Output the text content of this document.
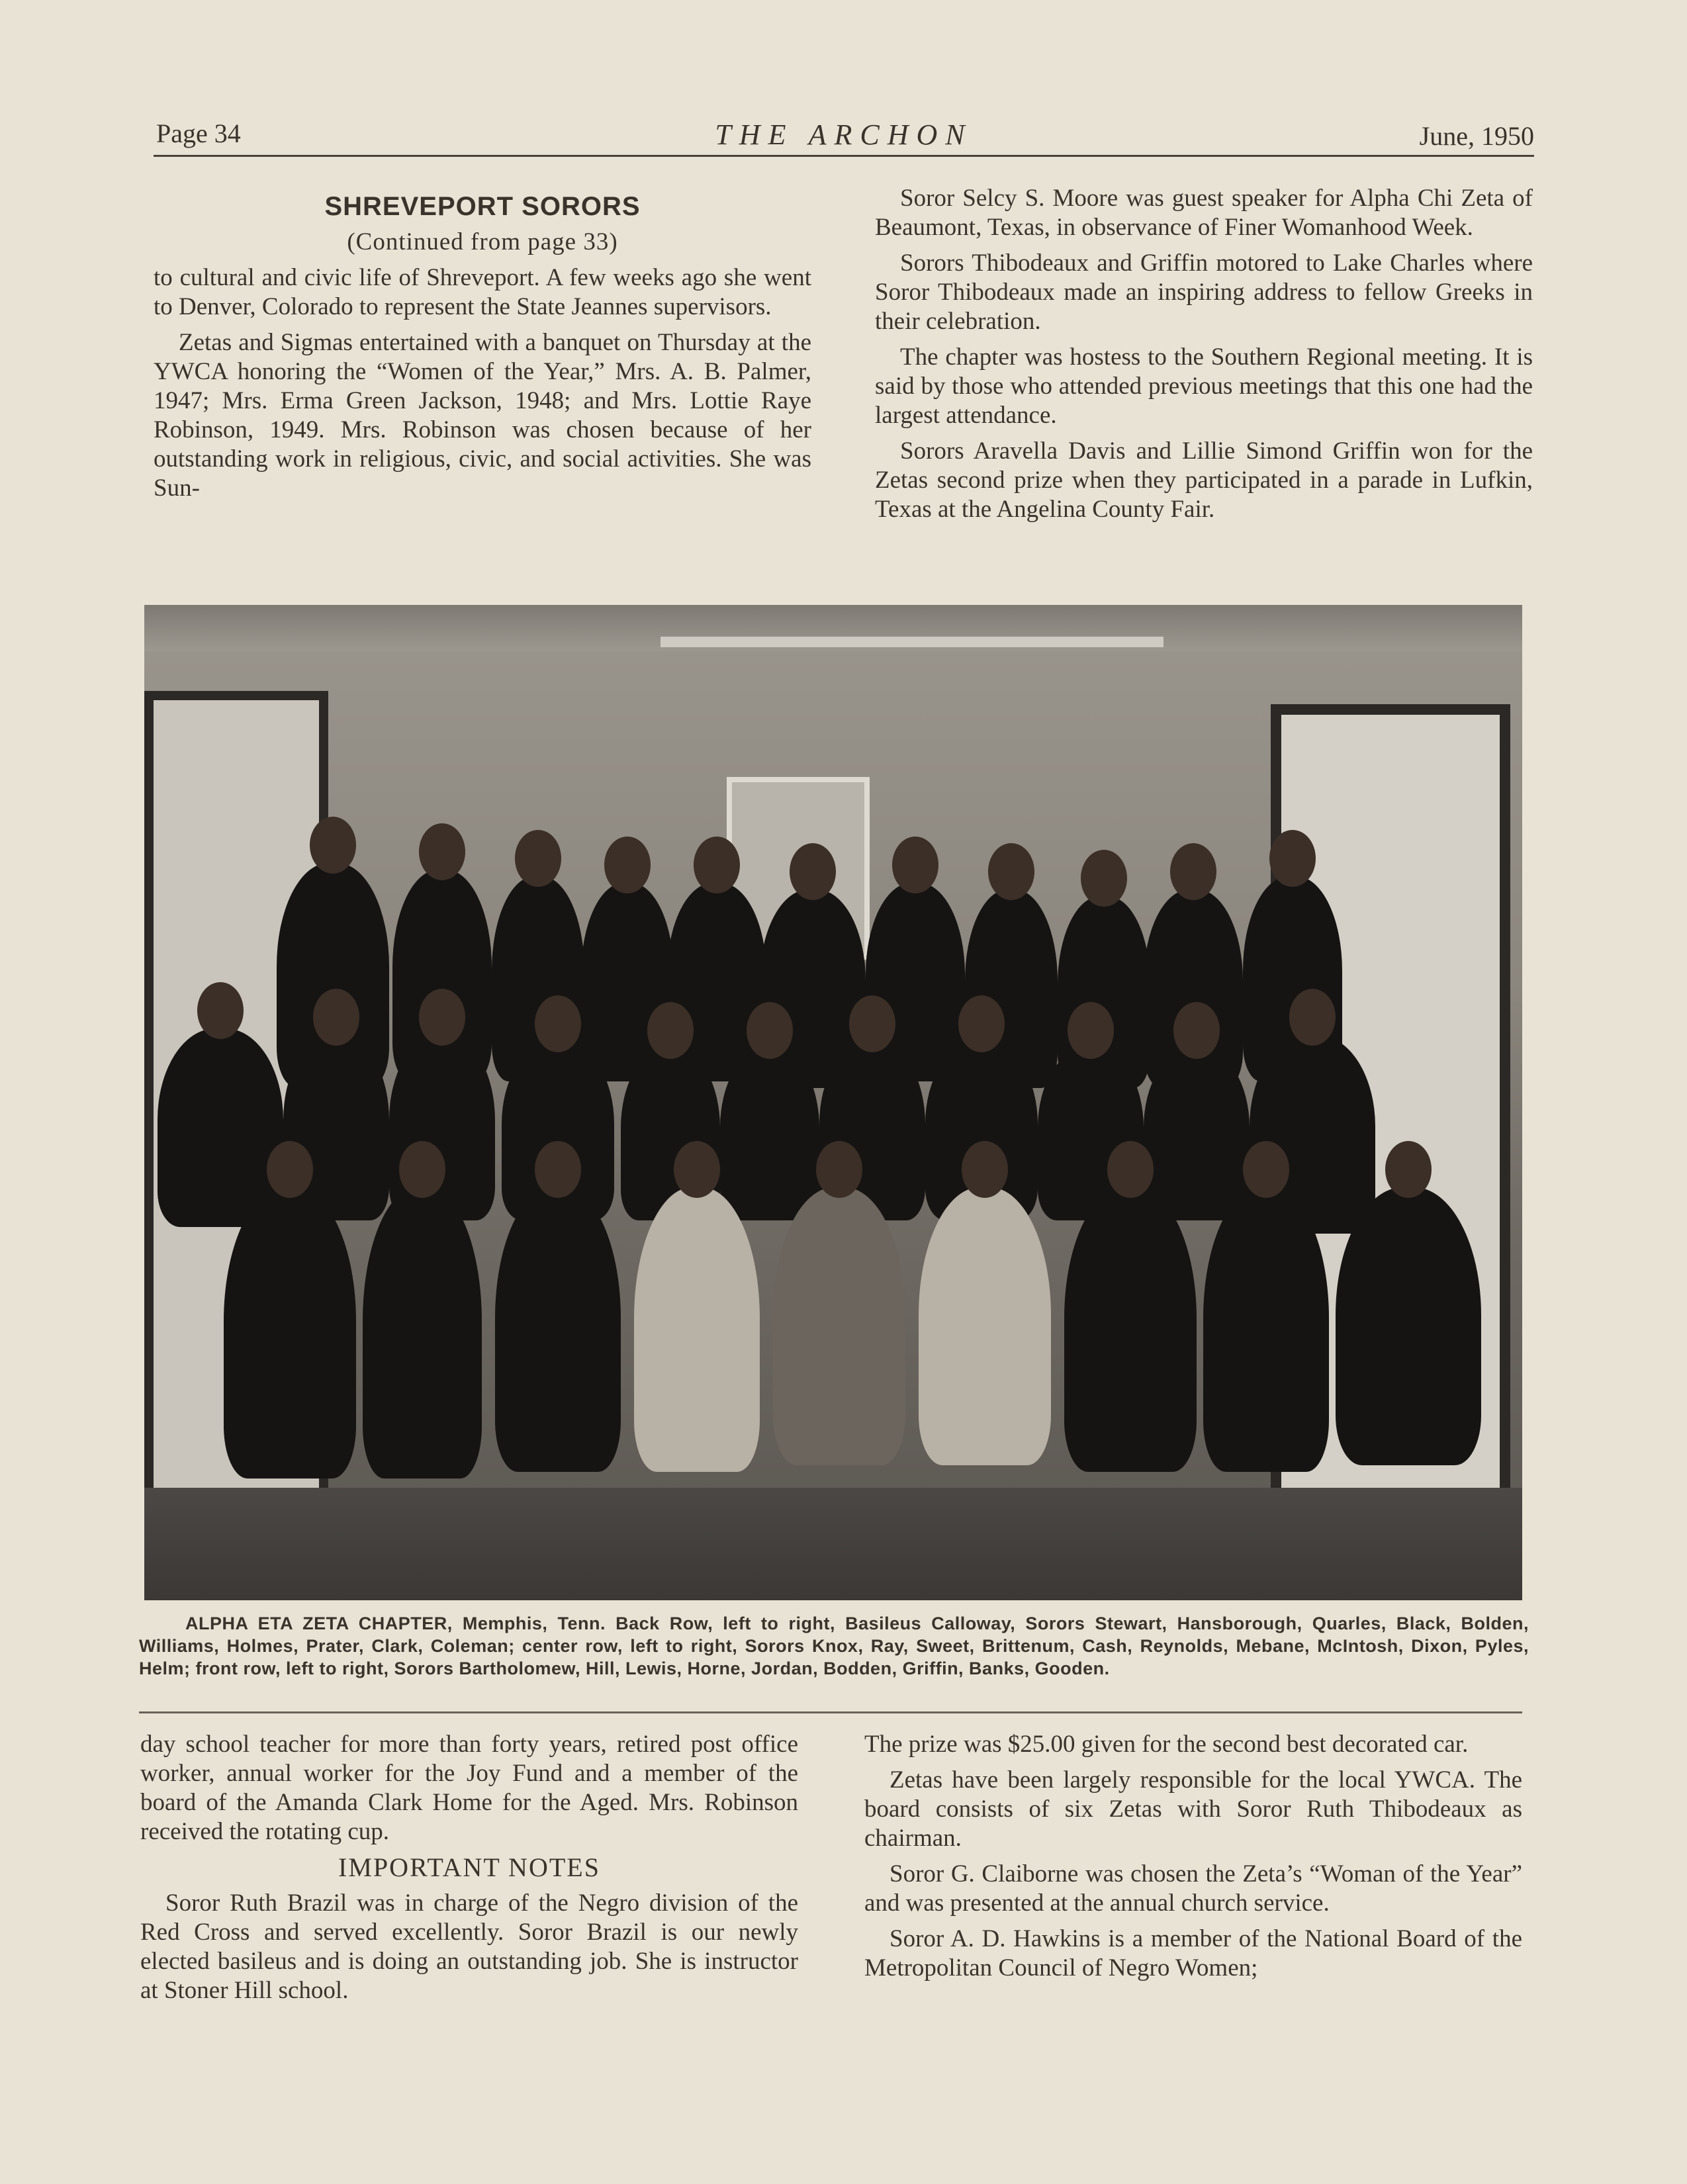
Page 34	THE ARCHON	June, 1950

SHREVEPORT SORORS

(Continued from page 33)

to cultural and civic life of Shreveport. A few weeks ago she went to Denver, Colorado to represent the State Jeannes supervisors.

Zetas and Sigmas entertained with a banquet on Thursday at the YWCA honoring the “Women of the Year,” Mrs. A. B. Palmer, 1947; Mrs. Erma Green Jackson, 1948; and Mrs. Lottie Raye Robinson, 1949. Mrs. Robinson was chosen because of her outstanding work in religious, civic, and social activities. She was Sun-

Soror Selcy S. Moore was guest speaker for Alpha Chi Zeta of Beaumont, Texas, in observance of Finer Womanhood Week.

Sorors Thibodeaux and Griffin motored to Lake Charles where Soror Thibodeaux made an inspiring address to fellow Greeks in their celebration.

The chapter was hostess to the Southern Regional meeting. It is said by those who attended previous meetings that this one had the largest attendance.

Sorors Aravella Davis and Lillie Simond Griffin won for the Zetas second prize when they participated in a parade in Lufkin, Texas at the Angelina County Fair.

ALPHA ETA ZETA CHAPTER, Memphis, Tenn. Back Row, left to right, Basileus Calloway, Sorors Stewart, Hansborough, Quarles, Black, Bolden, Williams, Holmes, Prater, Clark, Coleman; center row, left to right, Sorors Knox, Ray, Sweet, Brittenum, Cash, Reynolds, Mebane, McIntosh, Dixon, Pyles, Helm; front row, left to right, Sorors Bartholomew, Hill, Lewis, Horne, Jordan, Bodden, Griffin, Banks, Gooden.

day school teacher for more than forty years, retired post office worker, annual worker for the Joy Fund and a member of the board of the Amanda Clark Home for the Aged. Mrs. Robinson received the rotating cup.

IMPORTANT NOTES

Soror Ruth Brazil was in charge of the Negro division of the Red Cross and served excellently. Soror Brazil is our newly elected basileus and is doing an outstanding job. She is instructor at Stoner Hill school.

The prize was $25.00 given for the second best decorated car.

Zetas have been largely responsible for the local YWCA. The board consists of six Zetas with Soror Ruth Thibodeaux as chairman.

Soror G. Claiborne was chosen the Zeta’s “Woman of the Year” and was presented at the annual church service.

Soror A. D. Hawkins is a member of the National Board of the Metropolitan Council of Negro Women;
